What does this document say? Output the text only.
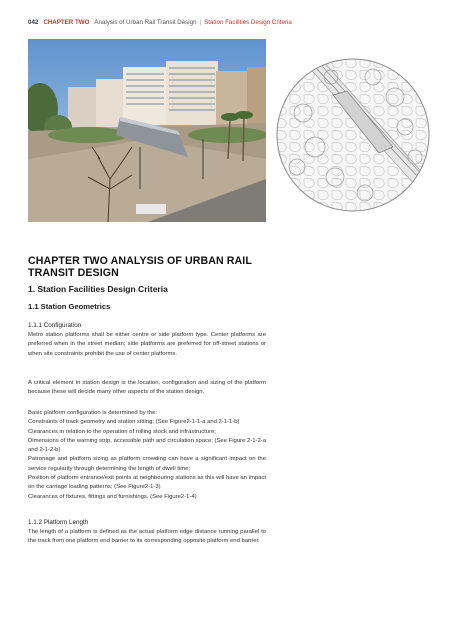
042 CHAPTER TWO Analysis of Urban Rail Transit Design | Station Facilities Design Criteria
CHAPTER TWO ANALYSIS OF URBAN RAIL TRANSIT DESIGN
1. Station Facilities Design Criteria
1.1 Station Geometrics
1.1.1 Configuration

Metro station platforms shall be either centre or side platform type. Center platforms are preferred when in the street median; side platforms are preferred for off-street stations or when site constraints prohibit the use of center platforms.

A critical element in station design is the location, configuration and sizing of the platform because these will decide many other aspects of the station design.

Basic platform configuration is determined by the:
Constraints of track geometry and station sitting; (See Figure2-1-1-a and 2-1-1-b)
Clearances in relation to the operation of rolling stock and infrastructure;
Dimensions of the warning strip, accessible path and circulation space; (See Figure 2-1-2-a and 2-1-2-b)
Patronage and platform sizing as platform crowding can have a significant impact on the service regularity through determining the length of dwell time;
Position of platform entrance/exit points at neighbouring stations as this will have an impact on the carriage loading patterns; (See Figure2-1-3)
Clearances of fixtures, fittings and furnishings. (See Figure2-1-4)
1.1.2 Platform Length

The length of a platform is defined as the actual platform edge distance running parallel to the track from one platform end barrier to its corresponding opposite platform end barrier.
